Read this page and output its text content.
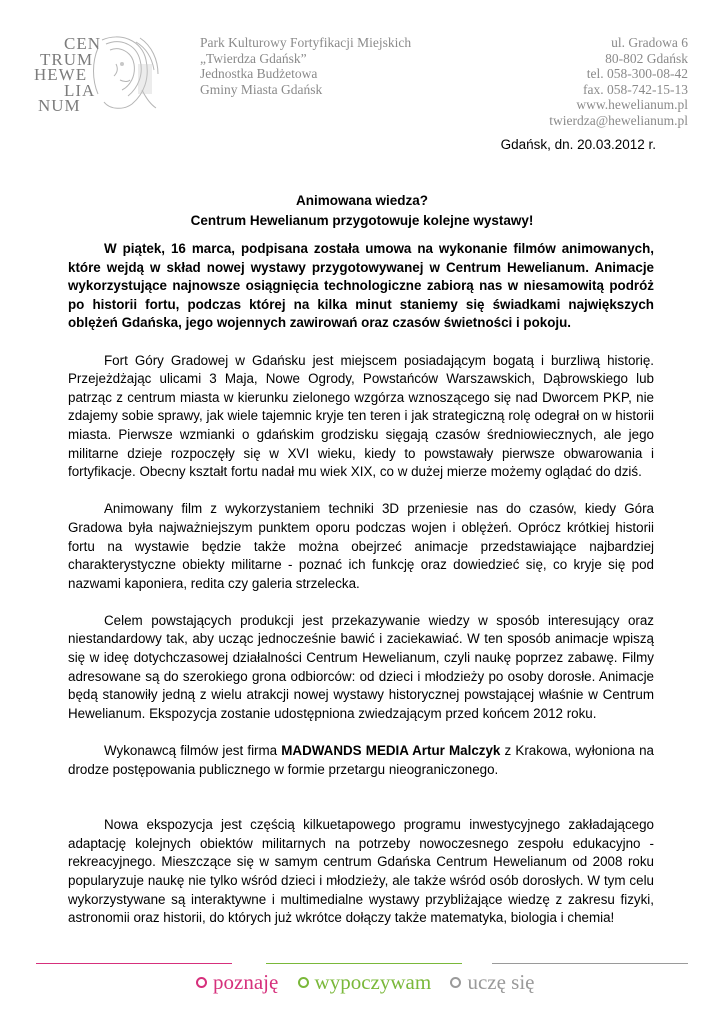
CEN
TRUM
HEWE
LIA
NUM
Park Kulturowy Fortyfikacji Miejskich
„Twierdza Gdańsk”
Jednostka Budżetowa
Gminy Miasta Gdańsk
ul. Gradowa 6
80-802 Gdańsk
tel. 058-300-08-42
fax. 058-742-15-13
www.hewelianum.pl
twierdza@hewelianum.pl
Gdańsk, dn. 20.03.2012 r.
Animowana wiedza?
Centrum Hewelianum przygotowuje kolejne wystawy!

W piątek, 16 marca, podpisana została umowa na wykonanie filmów animowanych, które wejdą w skład nowej wystawy przygotowywanej w Centrum Hewelianum. Animacje wykorzystujące najnowsze osiągnięcia technologiczne zabiorą nas w niesamowitą podróż po historii fortu, podczas której na kilka minut staniemy się świadkami największych oblężeń Gdańska, jego wojennych zawirowań oraz czasów świetności i pokoju.

Fort Góry Gradowej w Gdańsku jest miejscem posiadającym bogatą i burzliwą historię. Przejeżdżając ulicami 3 Maja, Nowe Ogrody, Powstańców Warszawskich, Dąbrowskiego lub patrząc z centrum miasta w kierunku zielonego wzgórza wznoszącego się nad Dworcem PKP, nie zdajemy sobie sprawy, jak wiele tajemnic kryje ten teren i jak strategiczną rolę odegrał on w historii miasta. Pierwsze wzmianki o gdańskim grodzisku sięgają czasów średniowiecznych, ale jego militarne dzieje rozpoczęły się w XVI wieku, kiedy to powstawały pierwsze obwarowania i fortyfikacje. Obecny kształt fortu nadał mu wiek XIX, co w dużej mierze możemy oglądać do dziś.

Animowany film z wykorzystaniem techniki 3D przeniesie nas do czasów, kiedy Góra Gradowa była najważniejszym punktem oporu podczas wojen i oblężeń. Oprócz krótkiej historii fortu na wystawie będzie także można obejrzeć animacje przedstawiające najbardziej charakterystyczne obiekty militarne - poznać ich funkcję oraz dowiedzieć się, co kryje się pod nazwami kaponiera, redita czy galeria strzelecka.

Celem powstających produkcji jest przekazywanie wiedzy w sposób interesujący oraz niestandardowy tak, aby ucząc jednocześnie bawić i zaciekawiać. W ten sposób animacje wpiszą się w ideę dotychczasowej działalności Centrum Hewelianum, czyli naukę poprzez zabawę. Filmy adresowane są do szerokiego grona odbiorców: od dzieci i młodzieży po osoby dorosłe. Animacje będą stanowiły jedną z wielu atrakcji nowej wystawy historycznej powstającej właśnie w Centrum Hewelianum. Ekspozycja zostanie udostępniona zwiedzającym przed końcem 2012 roku.

Wykonawcą filmów jest firma MADWANDS MEDIA Artur Malczyk z Krakowa, wyłoniona na drodze postępowania publicznego w formie przetargu nieograniczonego.

Nowa ekspozycja jest częścią kilkuetapowego programu inwestycyjnego zakładającego adaptację kolejnych obiektów militarnych na potrzeby nowoczesnego zespołu edukacyjno - rekreacyjnego. Mieszczące się w samym centrum Gdańska Centrum Hewelianum od 2008 roku popularyzuje naukę nie tylko wśród dzieci i młodzieży, ale także wśród osób dorosłych. W tym celu wykorzystywane są interaktywne i multimedialne wystawy przybliżające wiedzę z zakresu fizyki, astronomii oraz historii, do których już wkrótce dołączy także matematyka, biologia i chemia!

poznaję
wypoczywam
uczę się
